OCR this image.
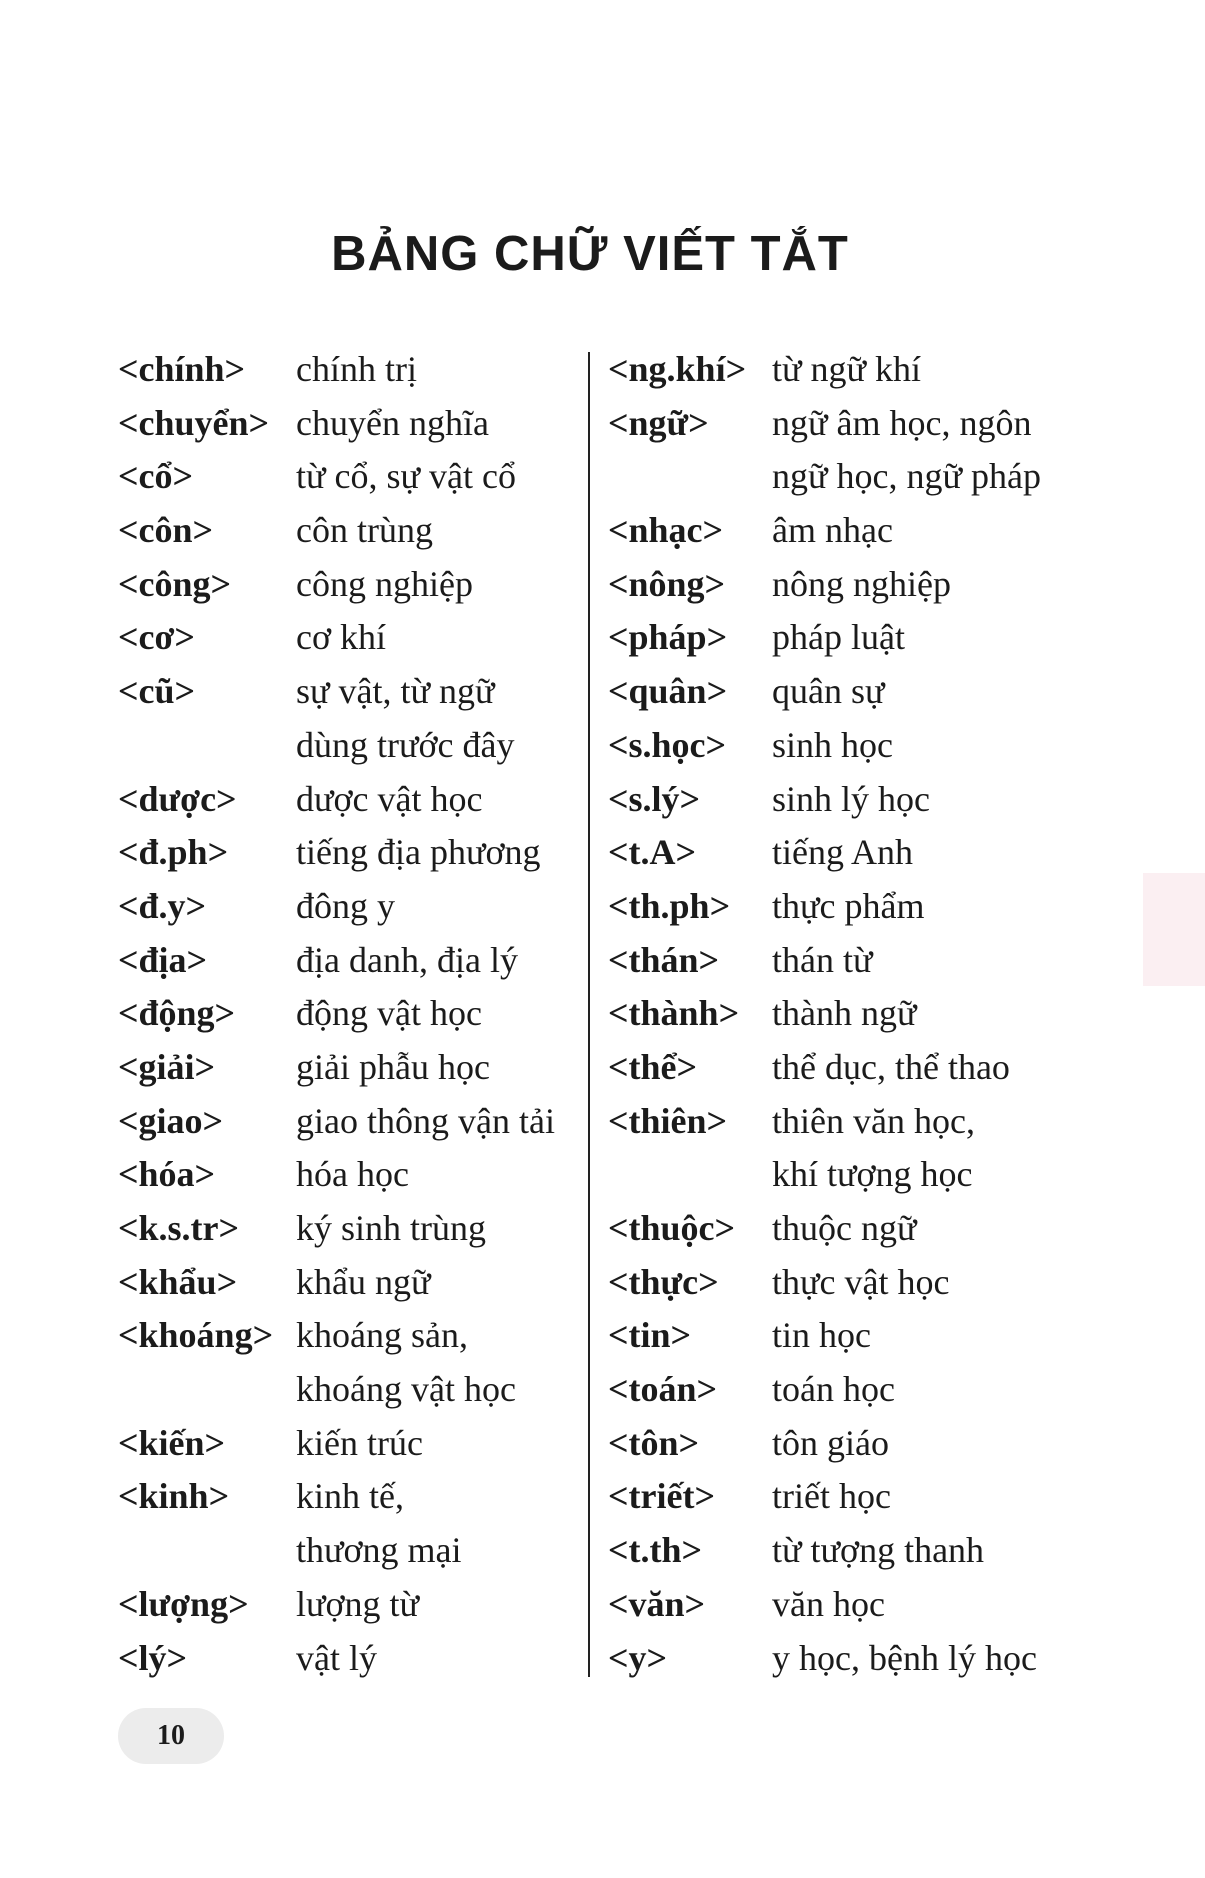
BẢNG CHỮ VIẾT TẮT
<chính>	chính trị
<chuyển> chuyển nghĩa
<cổ>	từ cổ, sự vật cổ
<côn>	côn trùng
<công>	công nghiệp
<cơ>	cơ khí
<cũ>	sự vật, từ ngữ
dùng trước đây
<dược>	dược vật học
<đ.ph>	tiếng địa phương
<đ.y>	đông y
<địa>	địa danh, địa lý
<động>	động vật học
<giải>	giải phẫu học
<giao>	giao thông vận tải
<hóa>	hóa học
<k.s.tr>	ký sinh trùng
<khẩu>	khẩu ngữ
<khoáng> khoáng sản,
khoáng vật học
<kiến>	kiến trúc
<kinh>	kinh tế,
thương mại
<lượng>	lượng từ
<lý>	vật lý
<ng.khí> từ ngữ khí
<ngữ>	ngữ âm học, ngôn
ngữ học, ngữ pháp
<nhạc>	âm nhạc
<nông>	nông nghiệp
<pháp>	pháp luật
<quân>	quân sự
<s.học>	sinh học
<s.lý>	sinh lý học
<t.A>	tiếng Anh
<th.ph>	thực phẩm
<thán>	thán từ
<thành> thành ngữ
<thể>	thể dục, thể thao
<thiên>	thiên văn học,
khí tượng học
<thuộc>	thuộc ngữ
<thực>	thực vật học
<tin>	tin học
<toán>	toán học
<tôn>	tôn giáo
<triết>	triết học
<t.th>	từ tượng thanh
<văn>	văn học
<y>	y học, bệnh lý học
10
